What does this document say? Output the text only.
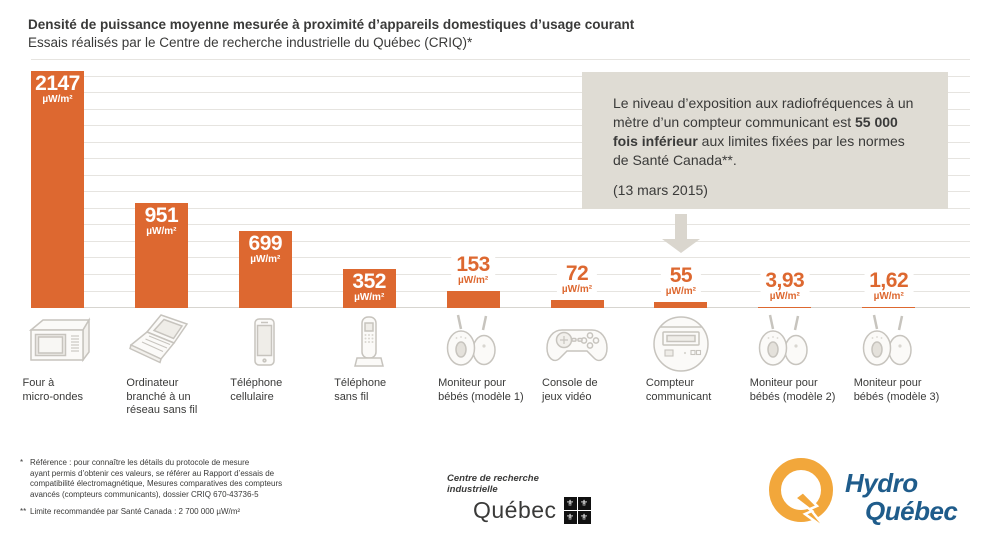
Densité de puissance moyenne mesurée à proximité d’appareils domestiques d’usage courant
Essais réalisés par le Centre de recherche industrielle du Québec (CRIQ)*
2147
µW/m²
951
µW/m²
699
µW/m²
352
µW/m²
153
µW/m²	72
µW/m²
55
µW/m²	3,93
µW/m²
1,62
µW/m²

Le niveau d’exposition aux radiofréquences à un mètre d’un compteur communicant est 55 000 fois inférieur aux limites fixées par les normes de Santé Canada**.

(13 mars 2015)
Four à
micro-ondes
Ordinateur
branché à un
réseau sans fil
Téléphone
cellulaire
Téléphone
sans fil
Moniteur pour
bébés (modèle 1)
Console de
jeux vidéo
Compteur
communicant
Moniteur pour
bébés (modèle 2)
Moniteur pour
bébés (modèle 3)
* Référence : pour connaître les détails du protocole de mesure
ayant permis d’obtenir ces valeurs, se référer au Rapport d’essais de
compatibilité électromagnétique, Mesures comparatives des compteurs
avancés (compteurs communicants), dossier CRIQ 670-43736-5
** Limite recommandée par Santé Canada : 2 700 000 µW/m²
Centre de recherche
industrielle
Québec ⚜ ⚜
⚜ ⚜
Hydro
Québec
